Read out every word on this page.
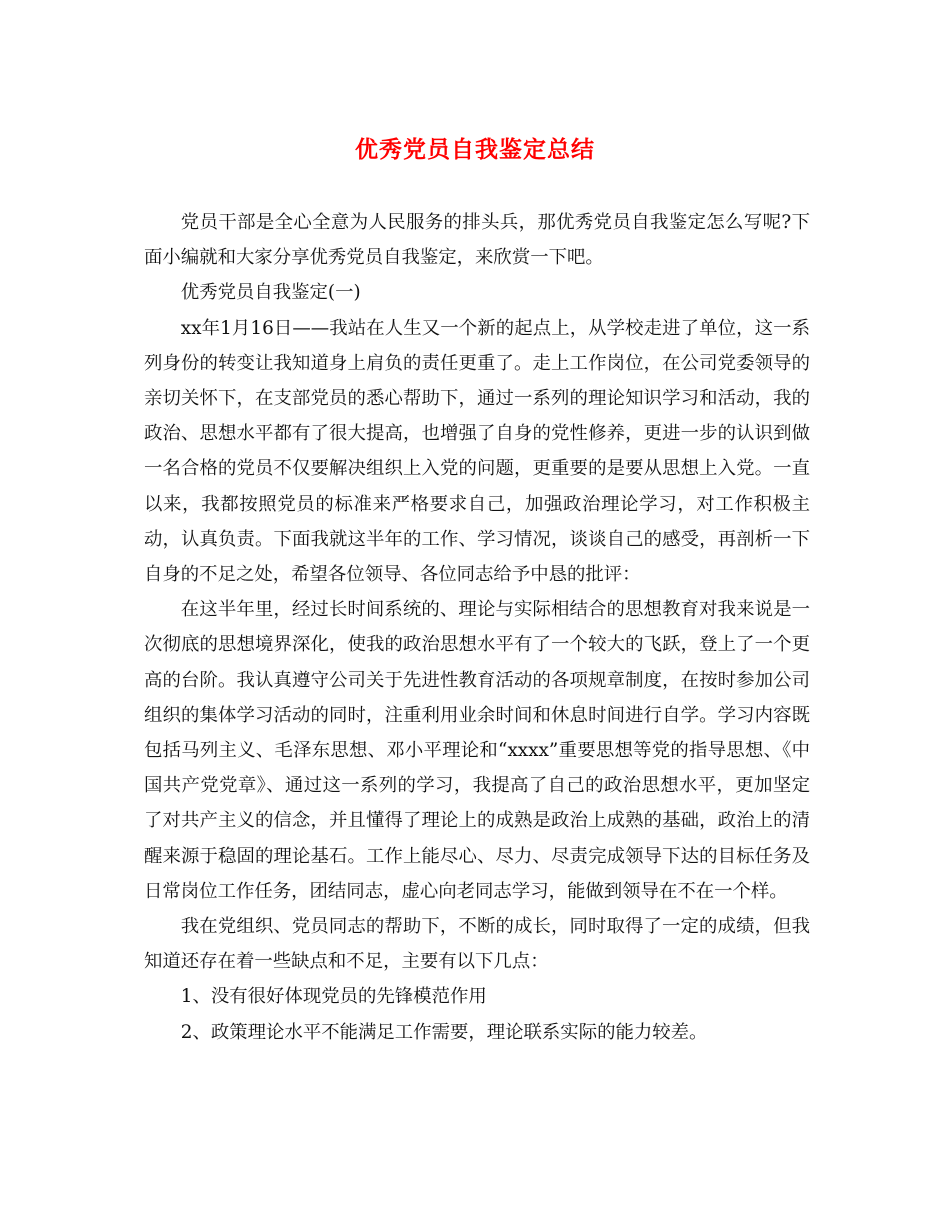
优秀党员自我鉴定总结

党员干部是全心全意为人民服务的排头兵，那优秀党员自我鉴定怎么写呢?下面小编就和大家分享优秀党员自我鉴定，来欣赏一下吧。

优秀党员自我鉴定(一)

xx年1月16日——我站在人生又一个新的起点上，从学校走进了单位，这一系列身份的转变让我知道身上肩负的责任更重了。走上工作岗位，在公司党委领导的亲切关怀下，在支部党员的悉心帮助下，通过一系列的理论知识学习和活动，我的政治、思想水平都有了很大提高，也增强了自身的党性修养，更进一步的认识到做一名合格的党员不仅要解决组织上入党的问题，更重要的是要从思想上入党。一直以来，我都按照党员的标准来严格要求自己，加强政治理论学习，对工作积极主动，认真负责。下面我就这半年的工作、学习情况，谈谈自己的感受，再剖析一下自身的不足之处，希望各位领导、各位同志给予中恳的批评：

在这半年里，经过长时间系统的、理论与实际相结合的思想教育对我来说是一次彻底的思想境界深化，使我的政治思想水平有了一个较大的飞跃，登上了一个更高的台阶。我认真遵守公司关于先进性教育活动的各项规章制度，在按时参加公司组织的集体学习活动的同时，注重利用业余时间和休息时间进行自学。学习内容既包括马列主义、毛泽东思想、邓小平理论和“xxxx”重要思想等党的指导思想、《中国共产党党章》、通过这一系列的学习，我提高了自己的政治思想水平，更加坚定了对共产主义的信念，并且懂得了理论上的成熟是政治上成熟的基础，政治上的清醒来源于稳固的理论基石。工作上能尽心、尽力、尽责完成领导下达的目标任务及日常岗位工作任务，团结同志，虚心向老同志学习，能做到领导在不在一个样。

我在党组织、党员同志的帮助下，不断的成长，同时取得了一定的成绩，但我知道还存在着一些缺点和不足，主要有以下几点：

1、没有很好体现党员的先锋模范作用

2、政策理论水平不能满足工作需要，理论联系实际的能力较差。
